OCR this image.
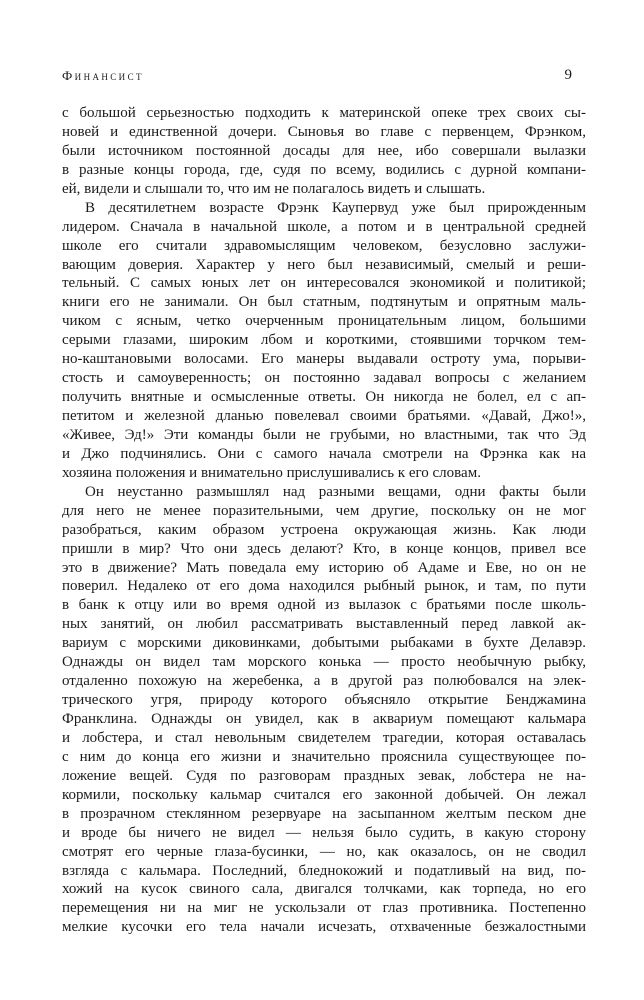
Финансист	9
с большой серьезностью подходить к материнской опеке трех своих сы-
новей и единственной дочери. Сыновья во главе с первенцем, Фрэнком,
были источником постоянной досады для нее, ибо совершали вылазки
в разные концы города, где, судя по всему, водились с дурной компани-
ей, видели и слышали то, что им не полагалось видеть и слышать.
В десятилетнем возрасте Фрэнк Каупервуд уже был прирожденным
лидером. Сначала в начальной школе, а потом и в центральной средней
школе его считали здравомыслящим человеком, безусловно заслужи-
вающим доверия. Характер у него был независимый, смелый и реши-
тельный. С самых юных лет он интересовался экономикой и политикой;
книги его не занимали. Он был статным, подтянутым и опрятным маль-
чиком с ясным, четко очерченным проницательным лицом, большими
серыми глазами, широким лбом и короткими, стоявшими торчком тем-
но-каштановыми волосами. Его манеры выдавали остроту ума, порыви-
стость и самоуверенность; он постоянно задавал вопросы с желанием
получить внятные и осмысленные ответы. Он никогда не болел, ел с ап-
петитом и железной дланью повелевал своими братьями. «Давай, Джо!»,
«Живее, Эд!» Эти команды были не грубыми, но властными, так что Эд
и Джо подчинялись. Они с самого начала смотрели на Фрэнка как на
хозяина положения и внимательно прислушивались к его словам.
Он неустанно размышлял над разными вещами, одни факты были
для него не менее поразительными, чем другие, поскольку он не мог
разобраться, каким образом устроена окружающая жизнь. Как люди
пришли в мир? Что они здесь делают? Кто, в конце концов, привел все
это в движение? Мать поведала ему историю об Адаме и Еве, но он не
поверил. Недалеко от его дома находился рыбный рынок, и там, по пути
в банк к отцу или во время одной из вылазок с братьями после школь-
ных занятий, он любил рассматривать выставленный перед лавкой ак-
вариум с морскими диковинками, добытыми рыбаками в бухте Делавэр.
Однажды он видел там морского конька — просто необычную рыбку,
отдаленно похожую на жеребенка, а в другой раз полюбовался на элек-
трического угря, природу которого объясняло открытие Бенджамина
Франклина. Однажды он увидел, как в аквариум помещают кальмара
и лобстера, и стал невольным свидетелем трагедии, которая оставалась
с ним до конца его жизни и значительно прояснила существующее по-
ложение вещей. Судя по разговорам праздных зевак, лобстера не на-
кормили, поскольку кальмар считался его законной добычей. Он лежал
в прозрачном стеклянном резервуаре на засыпанном желтым песком дне
и вроде бы ничего не видел — нельзя было судить, в какую сторону
смотрят его черные глаза-бусинки, — но, как оказалось, он не сводил
взгляда с кальмара. Последний, бледнокожий и податливый на вид, по-
хожий на кусок свиного сала, двигался толчками, как торпеда, но его
перемещения ни на миг не ускользали от глаз противника. Постепенно
мелкие кусочки его тела начали исчезать, отхваченные безжалостными
